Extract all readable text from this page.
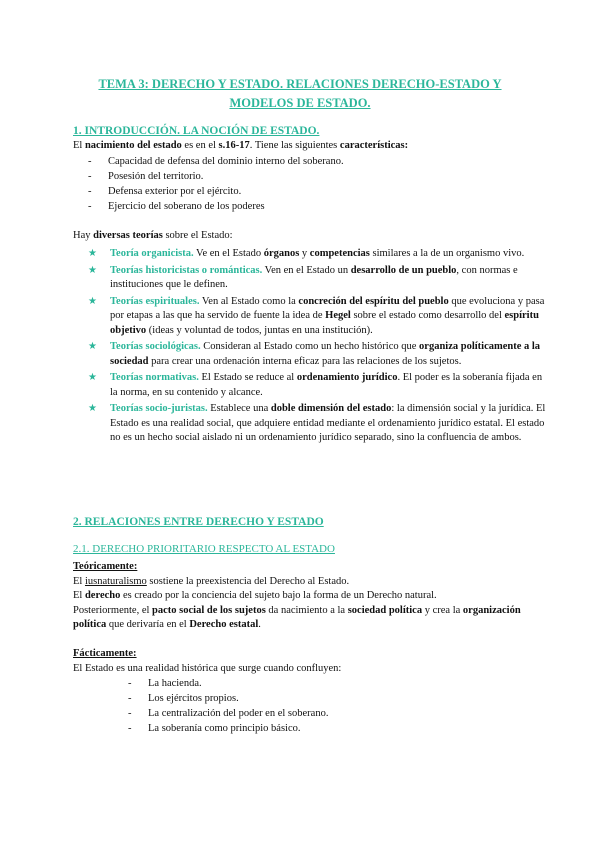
TEMA 3: DERECHO Y ESTADO. RELACIONES DERECHO-ESTADO Y
MODELOS DE ESTADO.
1. INTRODUCCIÓN. LA NOCIÓN DE ESTADO.
El nacimiento del estado es en el s.16-17. Tiene las siguientes características:
- Capacidad de defensa del dominio interno del soberano.
- Posesión del territorio.
- Defensa exterior por el ejército.
- Ejercicio del soberano de los poderes
Hay diversas teorías sobre el Estado:
★ Teoría organicista. Ve en el Estado órganos y competencias similares a la de un organismo vivo.
★ Teorías historicistas o románticas. Ven en el Estado un desarrollo de un pueblo, con normas e instituciones que le definen.
★ Teorías espirituales. Ven al Estado como la concreción del espíritu del pueblo que evoluciona y pasa por etapas a las que ha servido de fuente la idea de Hegel sobre el estado como desarrollo del espíritu objetivo (ideas y voluntad de todos, juntas en una institución).
★ Teorías sociológicas. Consideran al Estado como un hecho histórico que organiza políticamente a la sociedad para crear una ordenación interna eficaz para las relaciones de los sujetos.
★ Teorías normativas. El Estado se reduce al ordenamiento jurídico. El poder es la soberanía fijada en la norma, en su contenido y alcance.
★ Teorías socio-juristas. Establece una doble dimensión del estado: la dimensión social y la jurídica. El Estado es una realidad social, que adquiere entidad mediante el ordenamiento jurídico estatal. El estado no es un hecho social aislado ni un ordenamiento jurídico separado, sino la confluencia de ambos.
2. RELACIONES ENTRE DERECHO Y ESTADO
2.1. DERECHO PRIORITARIO RESPECTO AL ESTADO
Teóricamente:
El iusnaturalismo sostiene la preexistencia del Derecho al Estado.
El derecho es creado por la conciencia del sujeto bajo la forma de un Derecho natural.
Posteriormente, el pacto social de los sujetos da nacimiento a la sociedad política y crea la organización política que derivaría en el Derecho estatal.
Fácticamente:
El Estado es una realidad histórica que surge cuando confluyen:
- La hacienda.
- Los ejércitos propios.
- La centralización del poder en el soberano.
- La soberanía como principio básico.
